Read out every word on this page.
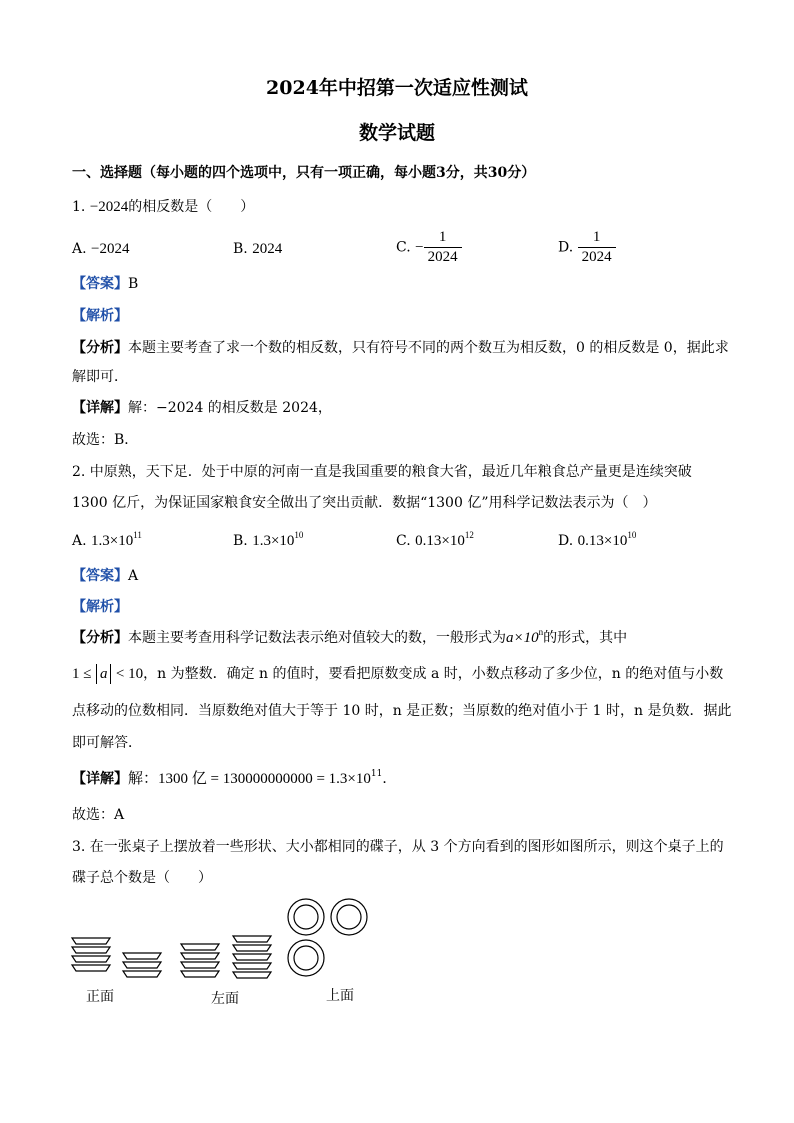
2024年中招第一次适应性测试
数学试题
一、选择题（每小题的四个选项中，只有一项正确，每小题3分，共30分）
1. −2024的相反数是（　　）
A. −2024	B. 2024	C. − $\frac{1}{2024}$	D. $\frac{1}{2024}$
【答案】B
【解析】
【分析】本题主要考查了求一个数的相反数，只有符号不同的两个数互为相反数，0 的相反数是 0，据此求
解即可．
【详解】解：−2024 的相反数是 2024，
故选：B．
2. 中原熟，天下足．处于中原的河南一直是我国重要的粮食大省，最近几年粮食总产量更是连续突破
1300 亿斤，为保证国家粮食安全做出了突出贡献．数据“1300 亿”用科学记数法表示为（　）
A. $1.3\times 10^{11}$	B. $1.3\times 10^{10}$	C. $0.13\times 10^{12}$	D. $0.13\times 10^{10}$
【答案】A
【解析】
【分析】本题主要考查用科学记数法表示绝对值较大的数，一般形式为$a\times 10^n$的形式，其中
1 ≤ a < 10，n 为整数．确定 n 的值时，要看把原数变成 a 时，小数点移动了多少位，n 的绝对值与小数
点移动的位数相同．当原数绝对值大于等于 10 时，n 是正数；当原数的绝对值小于 1 时，n 是负数．据此
即可解答．
【详解】解：1300 亿 = $130000000000 = 1.3\times 10^{11}$．
故选：A
3. 在一张桌子上摆放着一些形状、大小都相同的碟子，从 3 个方向看到的图形如图所示，则这个桌子上的
碟子总个数是（　　）
正面	左面	上面
